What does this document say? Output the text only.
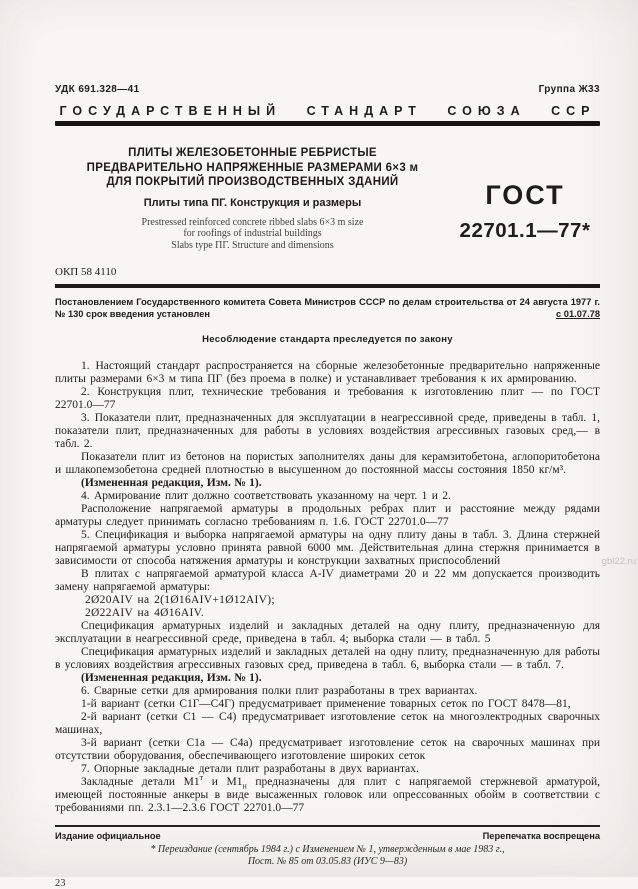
УДК 691.328—41	Группа Ж33
ГОСУДАРСТВЕННЫЙ СТАНДАРТ СОЮЗА ССР
ПЛИТЫ ЖЕЛЕЗОБЕТОННЫЕ РЕБРИСТЫЕ
ПРЕДВАРИТЕЛЬНО НАПРЯЖЕННЫЕ РАЗМЕРАМИ 6×3 м
ДЛЯ ПОКРЫТИЙ ПРОИЗВОДСТВЕННЫХ ЗДАНИЙ
Плиты типа ПГ. Конструкция и размеры
Prestressed reinforced concrete ribbed slabs 6×3 m size
for roofings of industrial buildings
Slabs type ПГ. Structure and dimensions
ГОСТ
22701.1—77*
ОКП 58 4110
Постановлением Государственного комитета Совета Министров СССР по делам строительства от 24 августа 1977 г. № 130 срок введения установлен	с 01.07.78
Несоблюдение стандарта преследуется по закону

1. Настоящий стандарт распространяется на сборные железобетонные предварительно напряженные плиты размерами 6×3 м типа ПГ (без проема в полке) и устанавливает требования к их армированию.

2. Конструкция плит, технические требования и требования к изготовлению плит — по ГОСТ 22701.0—77

3. Показатели плит, предназначенных для эксплуатации в неагрессивной среде, приведены в табл. 1, показатели плит, предназначенных для работы в условиях воздействия агрессивных газовых сред,— в табл. 2.

Показатели плит из бетонов на пористых заполнителях даны для керамзитобетона, аглопоритобетона и шлакопемзобетона средней плотностью в высушенном до постоянной массы состояния 1850 кг/м³.

(Измененная редакция, Изм. № 1).

4. Армирование плит должно соответствовать указанному на черт. 1 и 2.

Расположение напрягаемой арматуры в продольных ребрах плит и расстояние между рядами арматуры следует принимать согласно требованиям п. 1.6. ГОСТ 22701.0—77

5. Спецификация и выборка напрягаемой арматуры на одну плиту даны в табл. 3. Длина стержней напрягаемой арматуры условно принята равной 6000 мм. Действительная длина стержня принимается в зависимости от способа натяжения арматуры и конструкции захватных приспособлений

В плитах с напрягаемой арматурой класса А-IV диаметрами 20 и 22 мм допускается производить замену напрягаемой арматуры:

2Ø20АIV на 2(1Ø16АIV+1Ø12АIV);

2Ø22АIV на 4Ø16АIV.

Спецификация арматурных изделий и закладных деталей на одну плиту, предназначенную для эксплуатации в неагрессивной среде, приведена в табл. 4; выборка стали — в табл. 5

Спецификация арматурных изделий и закладных деталей на одну плиту, предназначенную для работы в условиях воздействия агрессивных газовых сред, приведена в табл. 6, выборка стали — в табл. 7.

(Измененная редакция, Изм. № 1).

6. Сварные сетки для армирования полки плит разработаны в трех вариантах.

1-й вариант (сетки С1Г—С4Г) предусматривает применение товарных сеток по ГОСТ 8478—81,

2-й вариант (сетки С1 — С4) предусматривает изготовление сеток на многоэлектродных сварочных машинах,

3-й вариант (сетки С1а — С4а) предусматривает изготовление сеток на сварочных машинах при отсутствии оборудования, обеспечивающего изготовление широких сеток

7. Опорные закладные детали плит разработаны в двух вариантах.

Закладные детали $М1^т$ и $М1_н$ предназначены для плит с напрягаемой стержневой арматурой, имеющей постоянные анкеры в виде высаженных головок или опрессованных обойм в соответствии с требованиями пп. 2.3.1—2.3.6 ГОСТ 22701.0—77

Издание официальное	Перепечатка воспрещена
* Переиздание (сентябрь 1984 г.) с Изменением № 1, утвержденным в мае 1983 г.,
Пост. № 85 от 03.05.83 (ИУС 9—83)
23
gbl22.ru
